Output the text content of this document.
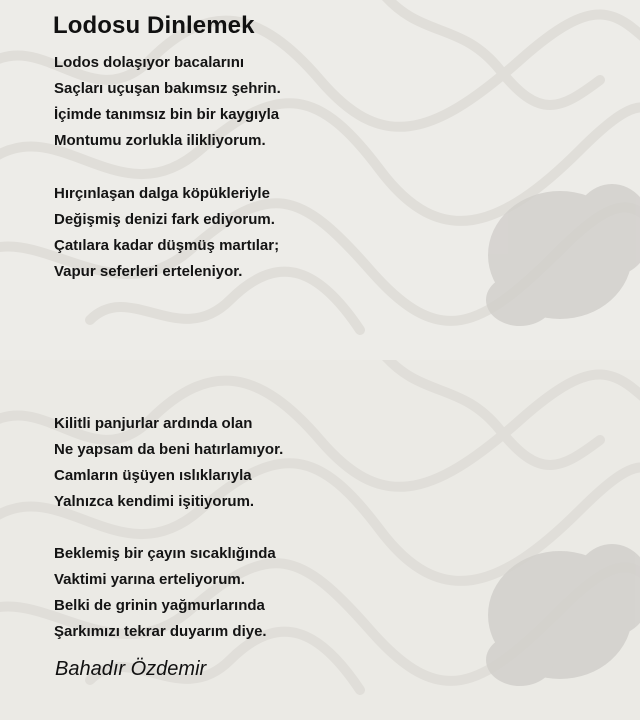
Lodosu Dinlemek
Lodos dolaşıyor bacalarını
Saçları uçuşan bakımsız şehrin.
İçimde tanımsız bin bir kaygıyla
Montumu zorlukla ilikliyorum.
Hırçınlaşan dalga köpükleriyle
Değişmiş denizi fark ediyorum.
Çatılara kadar düşmüş martılar;
Vapur seferleri erteleniyor.
Kilitli panjurlar ardında olan
Ne yapsam da beni hatırlamıyor.
Camların üşüyen ıslıklarıyla
Yalnızca kendimi işitiyorum.
Beklemiş bir çayın sıcaklığında
Vaktimi yarına erteliyorum.
Belki de grinin yağmurlarında
Şarkımızı tekrar duyarım diye.
Bahadır Özdemir
